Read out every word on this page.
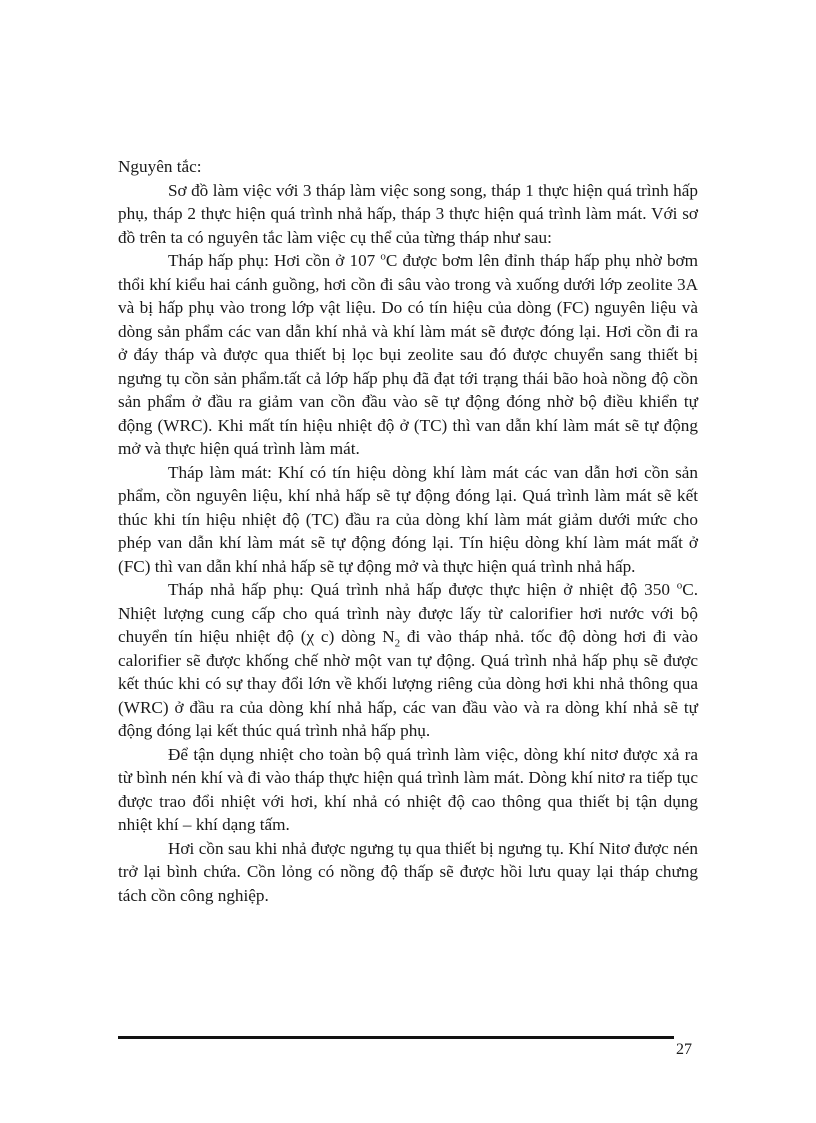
Nguyên tắc:

Sơ đồ làm việc với 3 tháp làm việc song song, tháp 1 thực hiện quá trình hấp phụ, tháp 2 thực hiện quá trình nhả hấp, tháp 3 thực hiện quá trình làm mát. Với sơ đồ trên ta có nguyên tắc làm việc cụ thể của từng tháp như sau:

Tháp hấp phụ: Hơi cồn ở 107 $^o$C được bơm lên đỉnh tháp hấp phụ nhờ bơm thổi khí kiểu hai cánh guồng, hơi cồn đi sâu vào trong và xuống dưới lớp zeolite 3A và bị hấp phụ vào trong lớp vật liệu. Do có tín hiệu của dòng (FC) nguyên liệu và dòng sản phẩm các van dẫn khí nhả và khí làm mát sẽ được đóng lại. Hơi cồn đi ra ở đáy tháp và được qua thiết bị lọc bụi zeolite sau đó được chuyển sang thiết bị ngưng tụ cồn sản phẩm.tất cả lớp hấp phụ đã đạt tới trạng thái bão hoà nồng độ cồn sản phẩm ở đầu ra giảm van cồn đầu vào sẽ tự động đóng nhờ bộ điều khiển tự động (WRC). Khi mất tín hiệu nhiệt độ ở (TC) thì van dẫn khí làm mát sẽ tự động mở và thực hiện quá trình làm mát.

Tháp làm mát: Khí có tín hiệu dòng khí làm mát các van dẫn hơi cồn sản phẩm, cồn nguyên liệu, khí nhả hấp sẽ tự động đóng lại. Quá trình làm mát sẽ kết thúc khi tín hiệu nhiệt độ (TC) đầu ra của dòng khí làm mát giảm dưới mức cho phép van dẫn khí làm mát sẽ tự động đóng lại. Tín hiệu dòng khí làm mát mất ở (FC) thì van dẫn khí nhả hấp sẽ tự động mở và thực hiện quá trình nhả hấp.

Tháp nhả hấp phụ: Quá trình nhả hấp được thực hiện ở nhiệt độ 350 $^o$C. Nhiệt lượng cung cấp cho quá trình này được lấy từ calorifier hơi nước với bộ chuyển tín hiệu nhiệt độ (χ c) dòng $N_2$ đi vào tháp nhả. tốc độ dòng hơi đi vào calorifier sẽ được khống chế nhờ một van tự động. Quá trình nhả hấp phụ sẽ được kết thúc khi có sự thay đổi lớn về khối lượng riêng của dòng hơi khi nhả thông qua (WRC) ở đầu ra của dòng khí nhả hấp, các van đầu vào và ra dòng khí nhả sẽ tự động đóng lại kết thúc quá trình nhả hấp phụ.

Để tận dụng nhiệt cho toàn bộ quá trình làm việc, dòng khí nitơ được xả ra từ bình nén khí và đi vào tháp thực hiện quá trình làm mát. Dòng khí nitơ ra tiếp tục được trao đổi nhiệt với hơi, khí nhả có nhiệt độ cao thông qua thiết bị tận dụng nhiệt khí – khí dạng tấm.

Hơi cồn sau khi nhả được ngưng tụ qua thiết bị ngưng tụ. Khí Nitơ được nén trở lại bình chứa. Cồn lỏng có nồng độ thấp sẽ được hồi lưu quay lại tháp chưng tách cồn công nghiệp.

27
